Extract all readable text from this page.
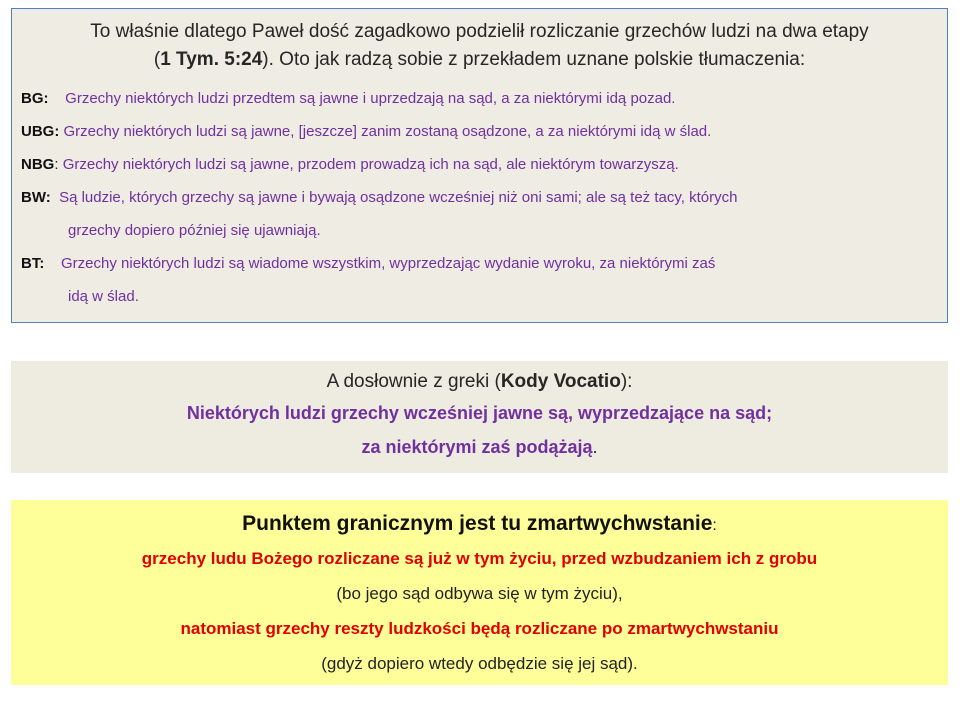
To właśnie dlatego Paweł dość zagadkowo podzielił rozliczanie grzechów ludzi na dwa etapy
(1 Tym. 5:24). Oto jak radzą sobie z przekładem uznane polskie tłumaczenia:
BG: Grzechy niektórych ludzi przedtem są jawne i uprzedzają na sąd, a za niektórymi idą pozad.
UBG: Grzechy niektórych ludzi są jawne, [jeszcze] zanim zostaną osądzone, a za niektórymi idą w ślad.
NBG : Grzechy niektórych ludzi są jawne, przodem prowadzą ich na sąd, ale niektórym towarzyszą.
BW: Są ludzie, których grzechy są jawne i bywają osądzone wcześniej niż oni sami; ale są też tacy, których
grzechy dopiero później się ujawniają.
BT: Grzechy niektórych ludzi są wiadome wszystkim, wyprzedzając wydanie wyroku, za niektórymi zaś
idą w ślad.
A dosłownie z greki (Kody Vocatio):
Niektórych ludzi grzechy wcześniej jawne są, wyprzedzające na sąd;
za niektórymi zaś podążają.
Punktem granicznym jest tu zmartwychwstanie:
grzechy ludu Bożego rozliczane są już w tym życiu, przed wzbudzaniem ich z grobu
(bo jego sąd odbywa się w tym życiu),
natomiast grzechy reszty ludzkości będą rozliczane po zmartwychwstaniu
(gdyż dopiero wtedy odbędzie się jej sąd).
